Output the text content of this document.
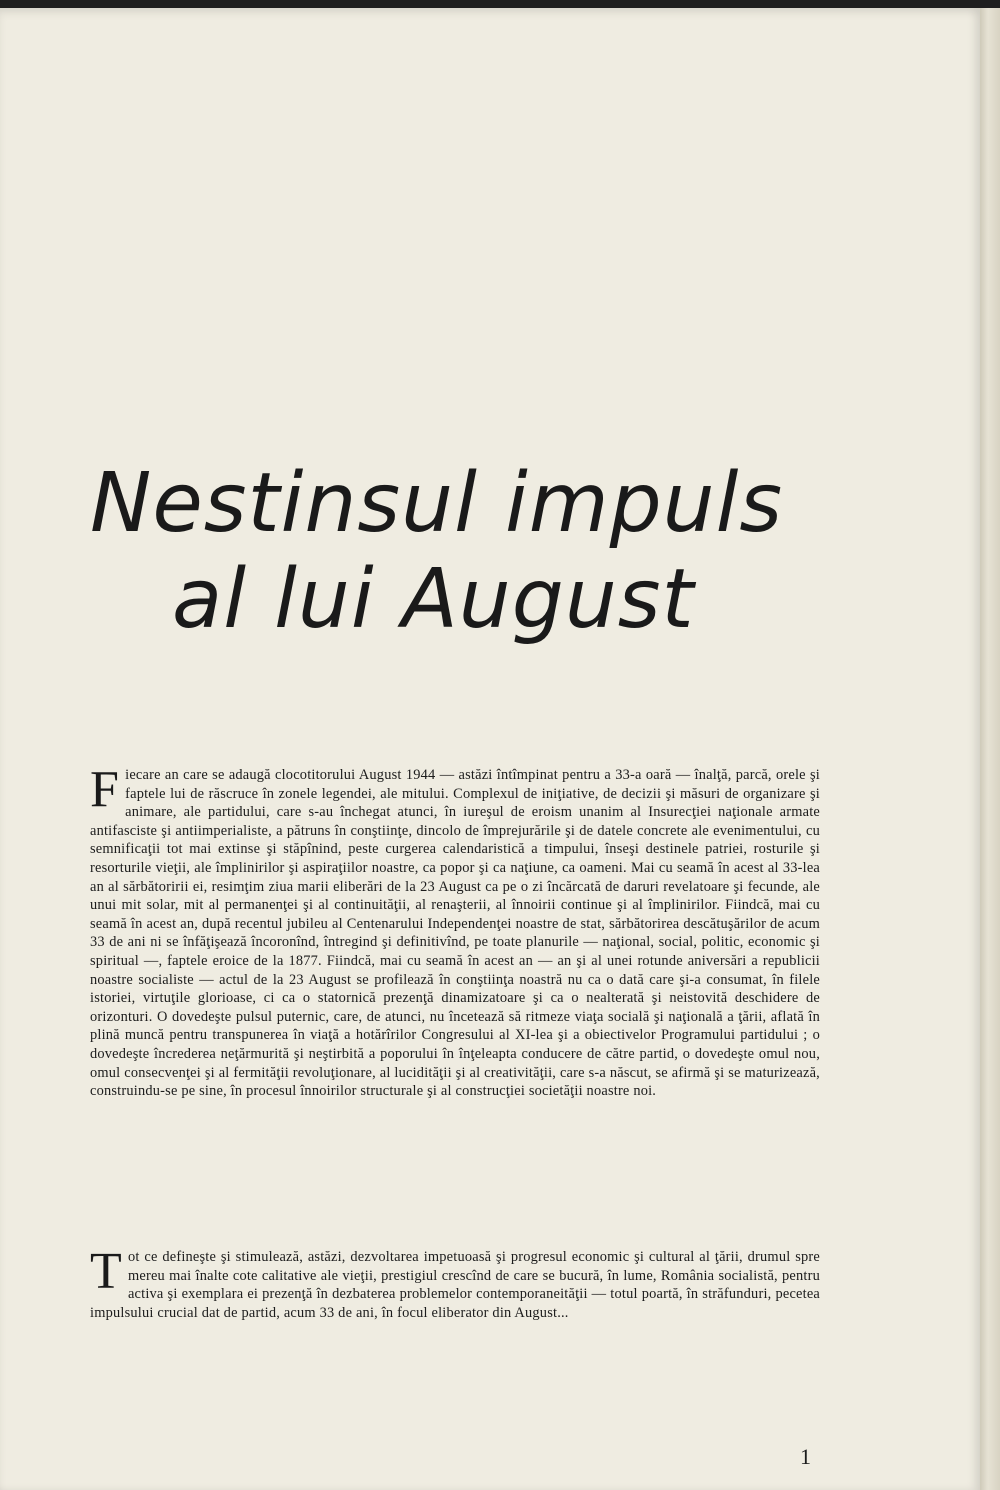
Nestinsul impuls
al lui August
Fiecare an care se adaugă clocotitorului August 1944 — astăzi întîmpinat pentru a 33-a oară — înalţă, parcă, orele şi faptele lui de răscruce în zonele legendei, ale mitului. Complexul de iniţiative, de decizii şi măsuri de organizare şi animare, ale partidului, care s-au închegat atunci, în iureşul de eroism unanim al Insurecţiei naţionale armate antifasciste şi antiimperialiste, a pătruns în conştiinţe, dincolo de împrejurările şi de datele concrete ale evenimentului, cu semnificaţii tot mai extinse şi stăpînind, peste curgerea calendaristică a timpului, înseşi destinele patriei, rosturile şi resorturile vieţii, ale împlinirilor şi aspiraţiilor noastre, ca popor şi ca naţiune, ca oameni. Mai cu seamă în acest al 33-lea an al sărbătoririi ei, resimţim ziua marii eliberări de la 23 August ca pe o zi încărcată de daruri revelatoare şi fecunde, ale unui mit solar, mit al permanenţei şi al continuităţii, al renaşterii, al înnoirii continue şi al împlinirilor. Fiindcă, mai cu seamă în acest an, după recentul jubileu al Centenarului Independenţei noastre de stat, sărbătorirea descătuşărilor de acum 33 de ani ni se înfăţişează încoronînd, întregind şi definitivînd, pe toate planurile — naţional, social, politic, economic şi spiritual —, faptele eroice de la 1877. Fiindcă, mai cu seamă în acest an — an şi al unei rotunde aniversări a republicii noastre socialiste — actul de la 23 August se profilează în conştiinţa noastră nu ca o dată care şi-a consumat, în filele istoriei, virtuţile glorioase, ci ca o statornică prezenţă dinamizatoare şi ca o nealterată şi neistovită deschidere de orizonturi. O dovedeşte pulsul puternic, care, de atunci, nu încetează să ritmeze viaţa socială şi naţională a ţării, aflată în plină muncă pentru transpunerea în viaţă a hotărîrilor Congresului al XI-lea şi a obiectivelor Programului partidului ; o dovedeşte încrederea neţărmurită şi neştirbită a poporului în înţeleapta conducere de către partid, o dovedeşte omul nou, omul consecvenţei şi al fermităţii revoluţionare, al lucidităţii şi al creativităţii, care s-a născut, se afirmă şi se maturizează, construindu-se pe sine, în procesul înnoirilor structurale şi al construcţiei societăţii noastre noi.
Tot ce defineşte şi stimulează, astăzi, dezvoltarea impetuoasă şi progresul economic şi cultural al ţării, drumul spre mereu mai înalte cote calitative ale vieţii, prestigiul crescînd de care se bucură, în lume, România socialistă, pentru activa şi exemplara ei prezenţă în dezbaterea problemelor contemporaneităţii — totul poartă, în străfunduri, pecetea impulsului crucial dat de partid, acum 33 de ani, în focul eliberator din August...
1
